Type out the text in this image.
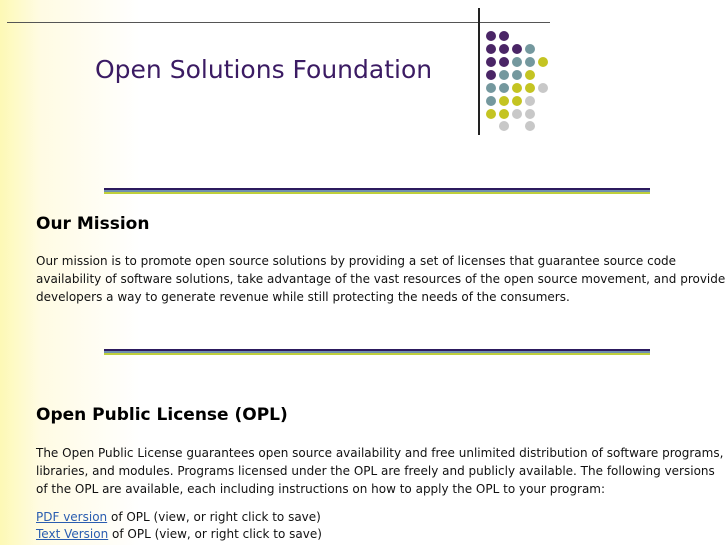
Open Solutions Foundation
Our Mission

Our mission is to promote open source solutions by providing a set of licenses that guarantee source code availability of software solutions, take advantage of the vast resources of the open source movement, and provide developers a way to generate revenue while still protecting the needs of the consumers.

Open Public License (OPL)

The Open Public License guarantees open source availability and free unlimited distribution of software programs, libraries, and modules. Programs licensed under the OPL are freely and publicly available. The following versions of the OPL are available, each including instructions on how to apply the OPL to your program:

PDF version of OPL (view, or right click to save)
Text Version of OPL (view, or right click to save)
